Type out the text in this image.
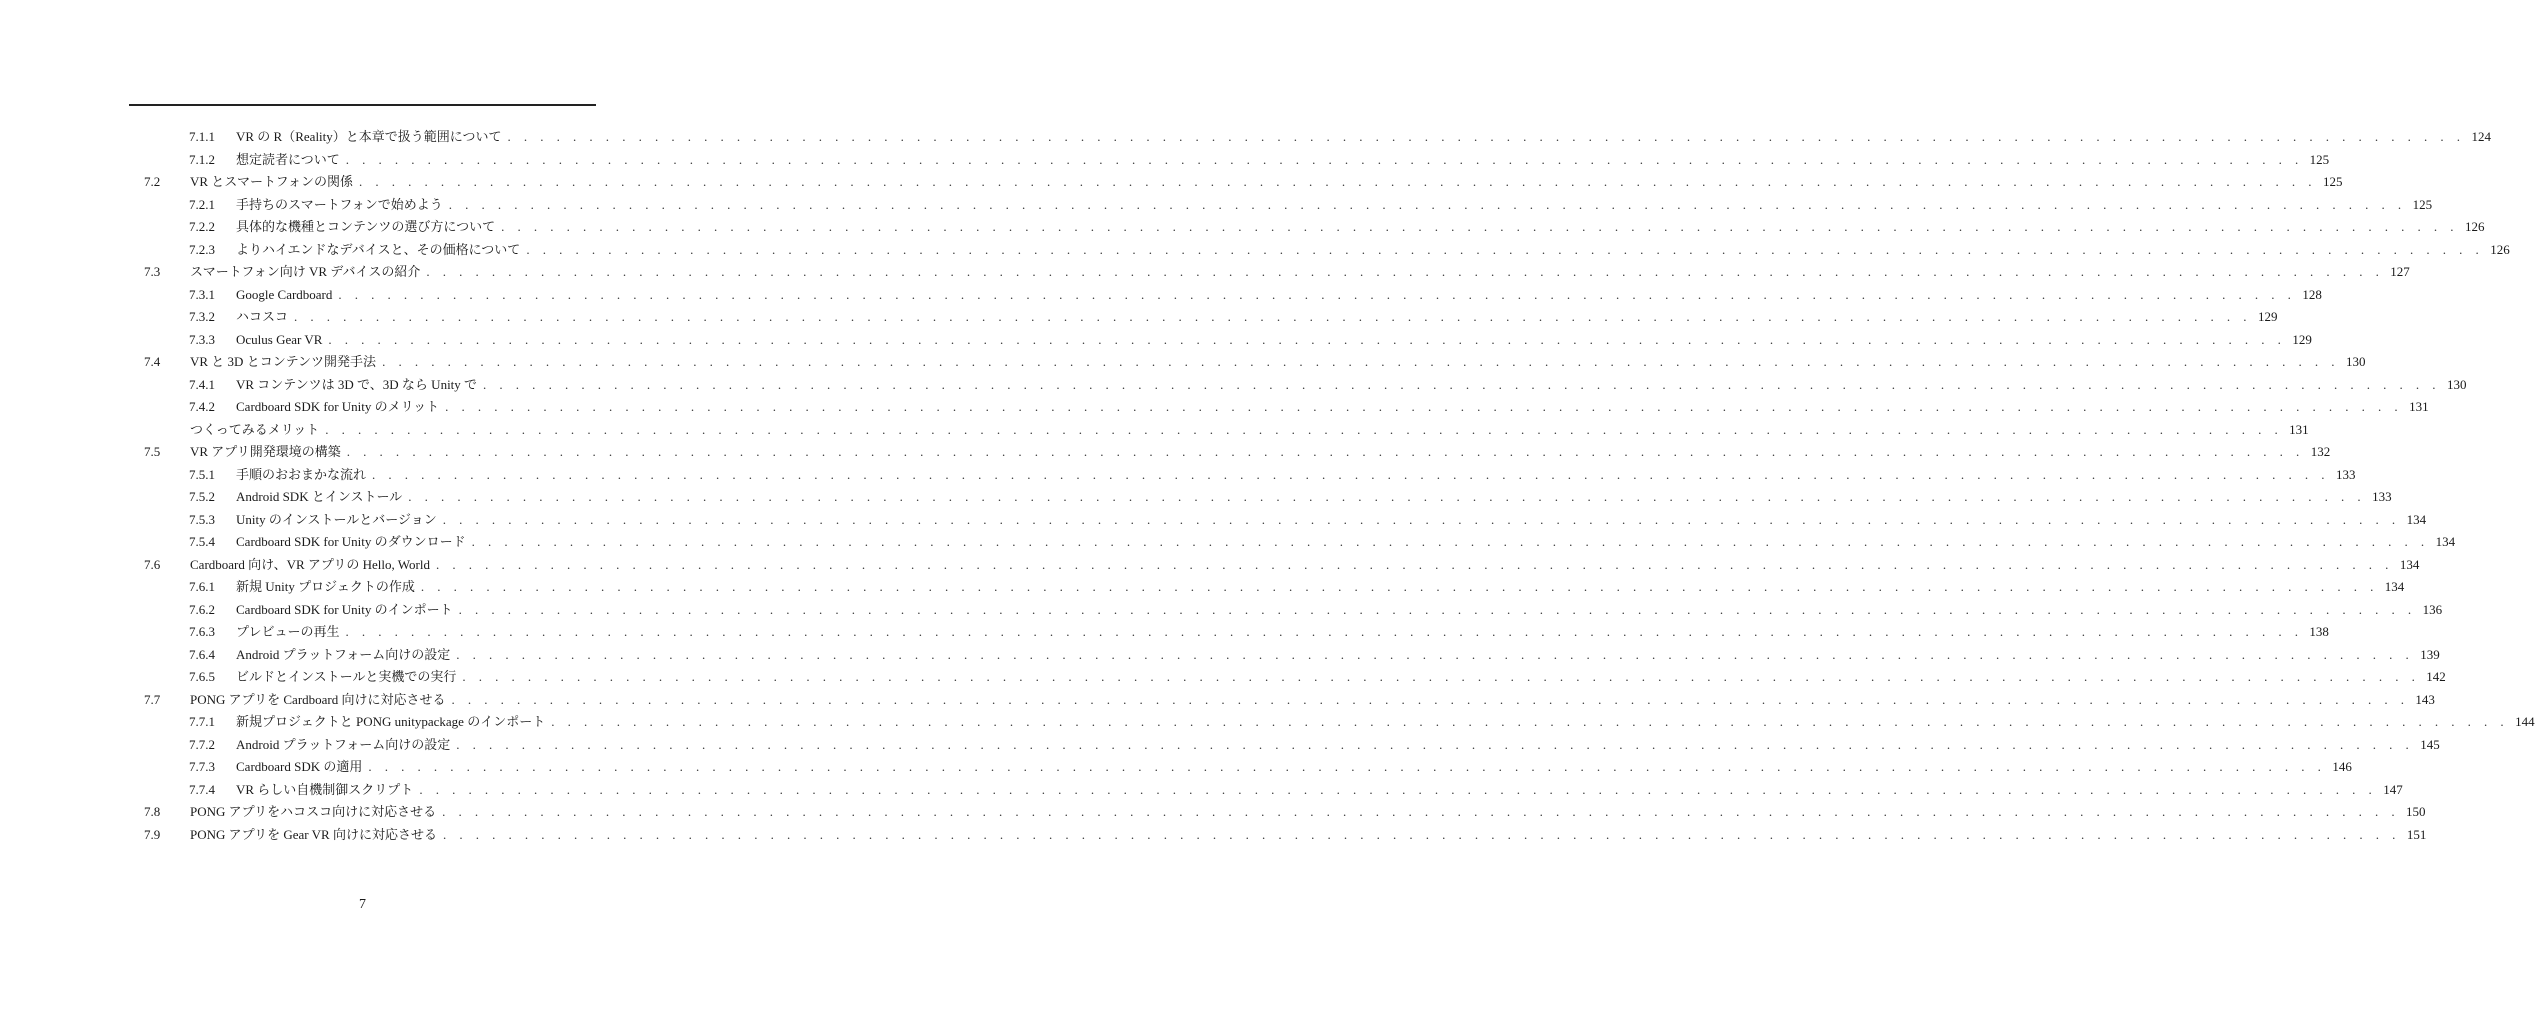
7.1.1 VR の R（Reality）と本章で扱う範囲について . . . . . . . . . . . . . . . . . . . . . . . . . . . . . . . . . . . . . . . . . . . . . . . . . . . . . . . . . . . . . . . . . . . . . . . . . . . . . . . . . . . . . . . . . . . . . . . . . . . . . . . . . . . . . . . . . . . . . . . . 124
7.1.2 想定読者について . . . . . . . . . . . . . . . . . . . . . . . . . . . . . . . . . . . . . . . . . . . . . . . . . . . . . . . . . . . . . . . . . . . . . . . . . . . . . . . . . . . . . . . . . . . . . . . . . . . . . . . . . . . . . . . . . . . . . . . . 125
7.2 VR とスマートフォンの関係 . . . . . . . . . . . . . . . . . . . . . . . . . . . . . . . . . . . . . . . . . . . . . . . . . . . . . . . . . . . . . . . . . . . . . . . . . . . . . . . . . . . . . . . . . . . . . . . . . . . . . . . . . . . . . . . . . . . . . . . . 125
7.2.1 手持ちのスマートフォンで始めよう . . . . . . . . . . . . . . . . . . . . . . . . . . . . . . . . . . . . . . . . . . . . . . . . . . . . . . . . . . . . . . . . . . . . . . . . . . . . . . . . . . . . . . . . . . . . . . . . . . . . . . . . . . . . . . . . . . . . . . . . 125
7.2.2 具体的な機種とコンテンツの選び方について . . . . . . . . . . . . . . . . . . . . . . . . . . . . . . . . . . . . . . . . . . . . . . . . . . . . . . . . . . . . . . . . . . . . . . . . . . . . . . . . . . . . . . . . . . . . . . . . . . . . . . . . . . . . . . . . . . . . . . . . 126
7.2.3 よりハイエンドなデバイスと、その価格について . . . . . . . . . . . . . . . . . . . . . . . . . . . . . . . . . . . . . . . . . . . . . . . . . . . . . . . . . . . . . . . . . . . . . . . . . . . . . . . . . . . . . . . . . . . . . . . . . . . . . . . . . . . . . . . . . . . . . . . . 126
7.3 スマートフォン向け VR デバイスの紹介 . . . . . . . . . . . . . . . . . . . . . . . . . . . . . . . . . . . . . . . . . . . . . . . . . . . . . . . . . . . . . . . . . . . . . . . . . . . . . . . . . . . . . . . . . . . . . . . . . . . . . . . . . . . . . . . . . . . . . . . . 127
7.3.1 Google Cardboard . . . . . . . . . . . . . . . . . . . . . . . . . . . . . . . . . . . . . . . . . . . . . . . . . . . . . . . . . . . . . . . . . . . . . . . . . . . . . . . . . . . . . . . . . . . . . . . . . . . . . . . . . . . . . . . . . . . . . . . . 128
7.3.2 ハコスコ . . . . . . . . . . . . . . . . . . . . . . . . . . . . . . . . . . . . . . . . . . . . . . . . . . . . . . . . . . . . . . . . . . . . . . . . . . . . . . . . . . . . . . . . . . . . . . . . . . . . . . . . . . . . . . . . . . . . . . . . 129
7.3.3 Oculus Gear VR . . . . . . . . . . . . . . . . . . . . . . . . . . . . . . . . . . . . . . . . . . . . . . . . . . . . . . . . . . . . . . . . . . . . . . . . . . . . . . . . . . . . . . . . . . . . . . . . . . . . . . . . . . . . . . . . . . . . . . . . 129
7.4 VR と 3D とコンテンツ開発手法 . . . . . . . . . . . . . . . . . . . . . . . . . . . . . . . . . . . . . . . . . . . . . . . . . . . . . . . . . . . . . . . . . . . . . . . . . . . . . . . . . . . . . . . . . . . . . . . . . . . . . . . . . . . . . . . . . . . . . . . . 130
7.4.1 VR コンテンツは 3D で、3D なら Unity で . . . . . . . . . . . . . . . . . . . . . . . . . . . . . . . . . . . . . . . . . . . . . . . . . . . . . . . . . . . . . . . . . . . . . . . . . . . . . . . . . . . . . . . . . . . . . . . . . . . . . . . . . . . . . . . . . . . . . . . . 130
7.4.2 Cardboard SDK for Unity のメリット . . . . . . . . . . . . . . . . . . . . . . . . . . . . . . . . . . . . . . . . . . . . . . . . . . . . . . . . . . . . . . . . . . . . . . . . . . . . . . . . . . . . . . . . . . . . . . . . . . . . . . . . . . . . . . . . . . . . . . . . 131
つくってみるメリット . . . . . . . . . . . . . . . . . . . . . . . . . . . . . . . . . . . . . . . . . . . . . . . . . . . . . . . . . . . . . . . . . . . . . . . . . . . . . . . . . . . . . . . . . . . . . . . . . . . . . . . . . . . . . . . . . . . . . . . . 131
7.5 VR アプリ開発環境の構築 . . . . . . . . . . . . . . . . . . . . . . . . . . . . . . . . . . . . . . . . . . . . . . . . . . . . . . . . . . . . . . . . . . . . . . . . . . . . . . . . . . . . . . . . . . . . . . . . . . . . . . . . . . . . . . . . . . . . . . . . 132
7.5.1 手順のおおまかな流れ . . . . . . . . . . . . . . . . . . . . . . . . . . . . . . . . . . . . . . . . . . . . . . . . . . . . . . . . . . . . . . . . . . . . . . . . . . . . . . . . . . . . . . . . . . . . . . . . . . . . . . . . . . . . . . . . . . . . . . . . 133
7.5.2 Android SDK とインストール . . . . . . . . . . . . . . . . . . . . . . . . . . . . . . . . . . . . . . . . . . . . . . . . . . . . . . . . . . . . . . . . . . . . . . . . . . . . . . . . . . . . . . . . . . . . . . . . . . . . . . . . . . . . . . . . . . . . . . . . 133
7.5.3 Unity のインストールとバージョン . . . . . . . . . . . . . . . . . . . . . . . . . . . . . . . . . . . . . . . . . . . . . . . . . . . . . . . . . . . . . . . . . . . . . . . . . . . . . . . . . . . . . . . . . . . . . . . . . . . . . . . . . . . . . . . . . . . . . . . . 134
7.5.4 Cardboard SDK for Unity のダウンロード . . . . . . . . . . . . . . . . . . . . . . . . . . . . . . . . . . . . . . . . . . . . . . . . . . . . . . . . . . . . . . . . . . . . . . . . . . . . . . . . . . . . . . . . . . . . . . . . . . . . . . . . . . . . . . . . . . . . . . . . 134
7.6 Cardboard 向け、VR アプリの Hello, World . . . . . . . . . . . . . . . . . . . . . . . . . . . . . . . . . . . . . . . . . . . . . . . . . . . . . . . . . . . . . . . . . . . . . . . . . . . . . . . . . . . . . . . . . . . . . . . . . . . . . . . . . . . . . . . . . . . . . . . . 134
7.6.1 新規 Unity プロジェクトの作成 . . . . . . . . . . . . . . . . . . . . . . . . . . . . . . . . . . . . . . . . . . . . . . . . . . . . . . . . . . . . . . . . . . . . . . . . . . . . . . . . . . . . . . . . . . . . . . . . . . . . . . . . . . . . . . . . . . . . . . . . 134
7.6.2 Cardboard SDK for Unity のインポート . . . . . . . . . . . . . . . . . . . . . . . . . . . . . . . . . . . . . . . . . . . . . . . . . . . . . . . . . . . . . . . . . . . . . . . . . . . . . . . . . . . . . . . . . . . . . . . . . . . . . . . . . . . . . . . . . . . . . . . . 136
7.6.3 プレビューの再生 . . . . . . . . . . . . . . . . . . . . . . . . . . . . . . . . . . . . . . . . . . . . . . . . . . . . . . . . . . . . . . . . . . . . . . . . . . . . . . . . . . . . . . . . . . . . . . . . . . . . . . . . . . . . . . . . . . . . . . . . 138
7.6.4 Android プラットフォーム向けの設定 . . . . . . . . . . . . . . . . . . . . . . . . . . . . . . . . . . . . . . . . . . . . . . . . . . . . . . . . . . . . . . . . . . . . . . . . . . . . . . . . . . . . . . . . . . . . . . . . . . . . . . . . . . . . . . . . . . . . . . . . 139
7.6.5 ビルドとインストールと実機での実行 . . . . . . . . . . . . . . . . . . . . . . . . . . . . . . . . . . . . . . . . . . . . . . . . . . . . . . . . . . . . . . . . . . . . . . . . . . . . . . . . . . . . . . . . . . . . . . . . . . . . . . . . . . . . . . . . . . . . . . . . 142
7.7 PONG アプリを Cardboard 向けに対応させる . . . . . . . . . . . . . . . . . . . . . . . . . . . . . . . . . . . . . . . . . . . . . . . . . . . . . . . . . . . . . . . . . . . . . . . . . . . . . . . . . . . . . . . . . . . . . . . . . . . . . . . . . . . . . . . . . . . . . . . . 143
7.7.1 新規プロジェクトと PONG unitypackage のインポート . . . . . . . . . . . . . . . . . . . . . . . . . . . . . . . . . . . . . . . . . . . . . . . . . . . . . . . . . . . . . . . . . . . . . . . . . . . . . . . . . . . . . . . . . . . . . . . . . . . . . . . . . . . . . . . . . . . . . . . . 144
7.7.2 Android プラットフォーム向けの設定 . . . . . . . . . . . . . . . . . . . . . . . . . . . . . . . . . . . . . . . . . . . . . . . . . . . . . . . . . . . . . . . . . . . . . . . . . . . . . . . . . . . . . . . . . . . . . . . . . . . . . . . . . . . . . . . . . . . . . . . . 145
7.7.3 Cardboard SDK の適用 . . . . . . . . . . . . . . . . . . . . . . . . . . . . . . . . . . . . . . . . . . . . . . . . . . . . . . . . . . . . . . . . . . . . . . . . . . . . . . . . . . . . . . . . . . . . . . . . . . . . . . . . . . . . . . . . . . . . . . . . 146
7.7.4 VR らしい自機制御スクリプト . . . . . . . . . . . . . . . . . . . . . . . . . . . . . . . . . . . . . . . . . . . . . . . . . . . . . . . . . . . . . . . . . . . . . . . . . . . . . . . . . . . . . . . . . . . . . . . . . . . . . . . . . . . . . . . . . . . . . . . . 147
7.8 PONG アプリをハコスコ向けに対応させる . . . . . . . . . . . . . . . . . . . . . . . . . . . . . . . . . . . . . . . . . . . . . . . . . . . . . . . . . . . . . . . . . . . . . . . . . . . . . . . . . . . . . . . . . . . . . . . . . . . . . . . . . . . . . . . . . . . . . . . . 150
7.9 PONG アプリを Gear VR 向けに対応させる . . . . . . . . . . . . . . . . . . . . . . . . . . . . . . . . . . . . . . . . . . . . . . . . . . . . . . . . . . . . . . . . . . . . . . . . . . . . . . . . . . . . . . . . . . . . . . . . . . . . . . . . . . . . . . . . . . . . . . . . 151
7
